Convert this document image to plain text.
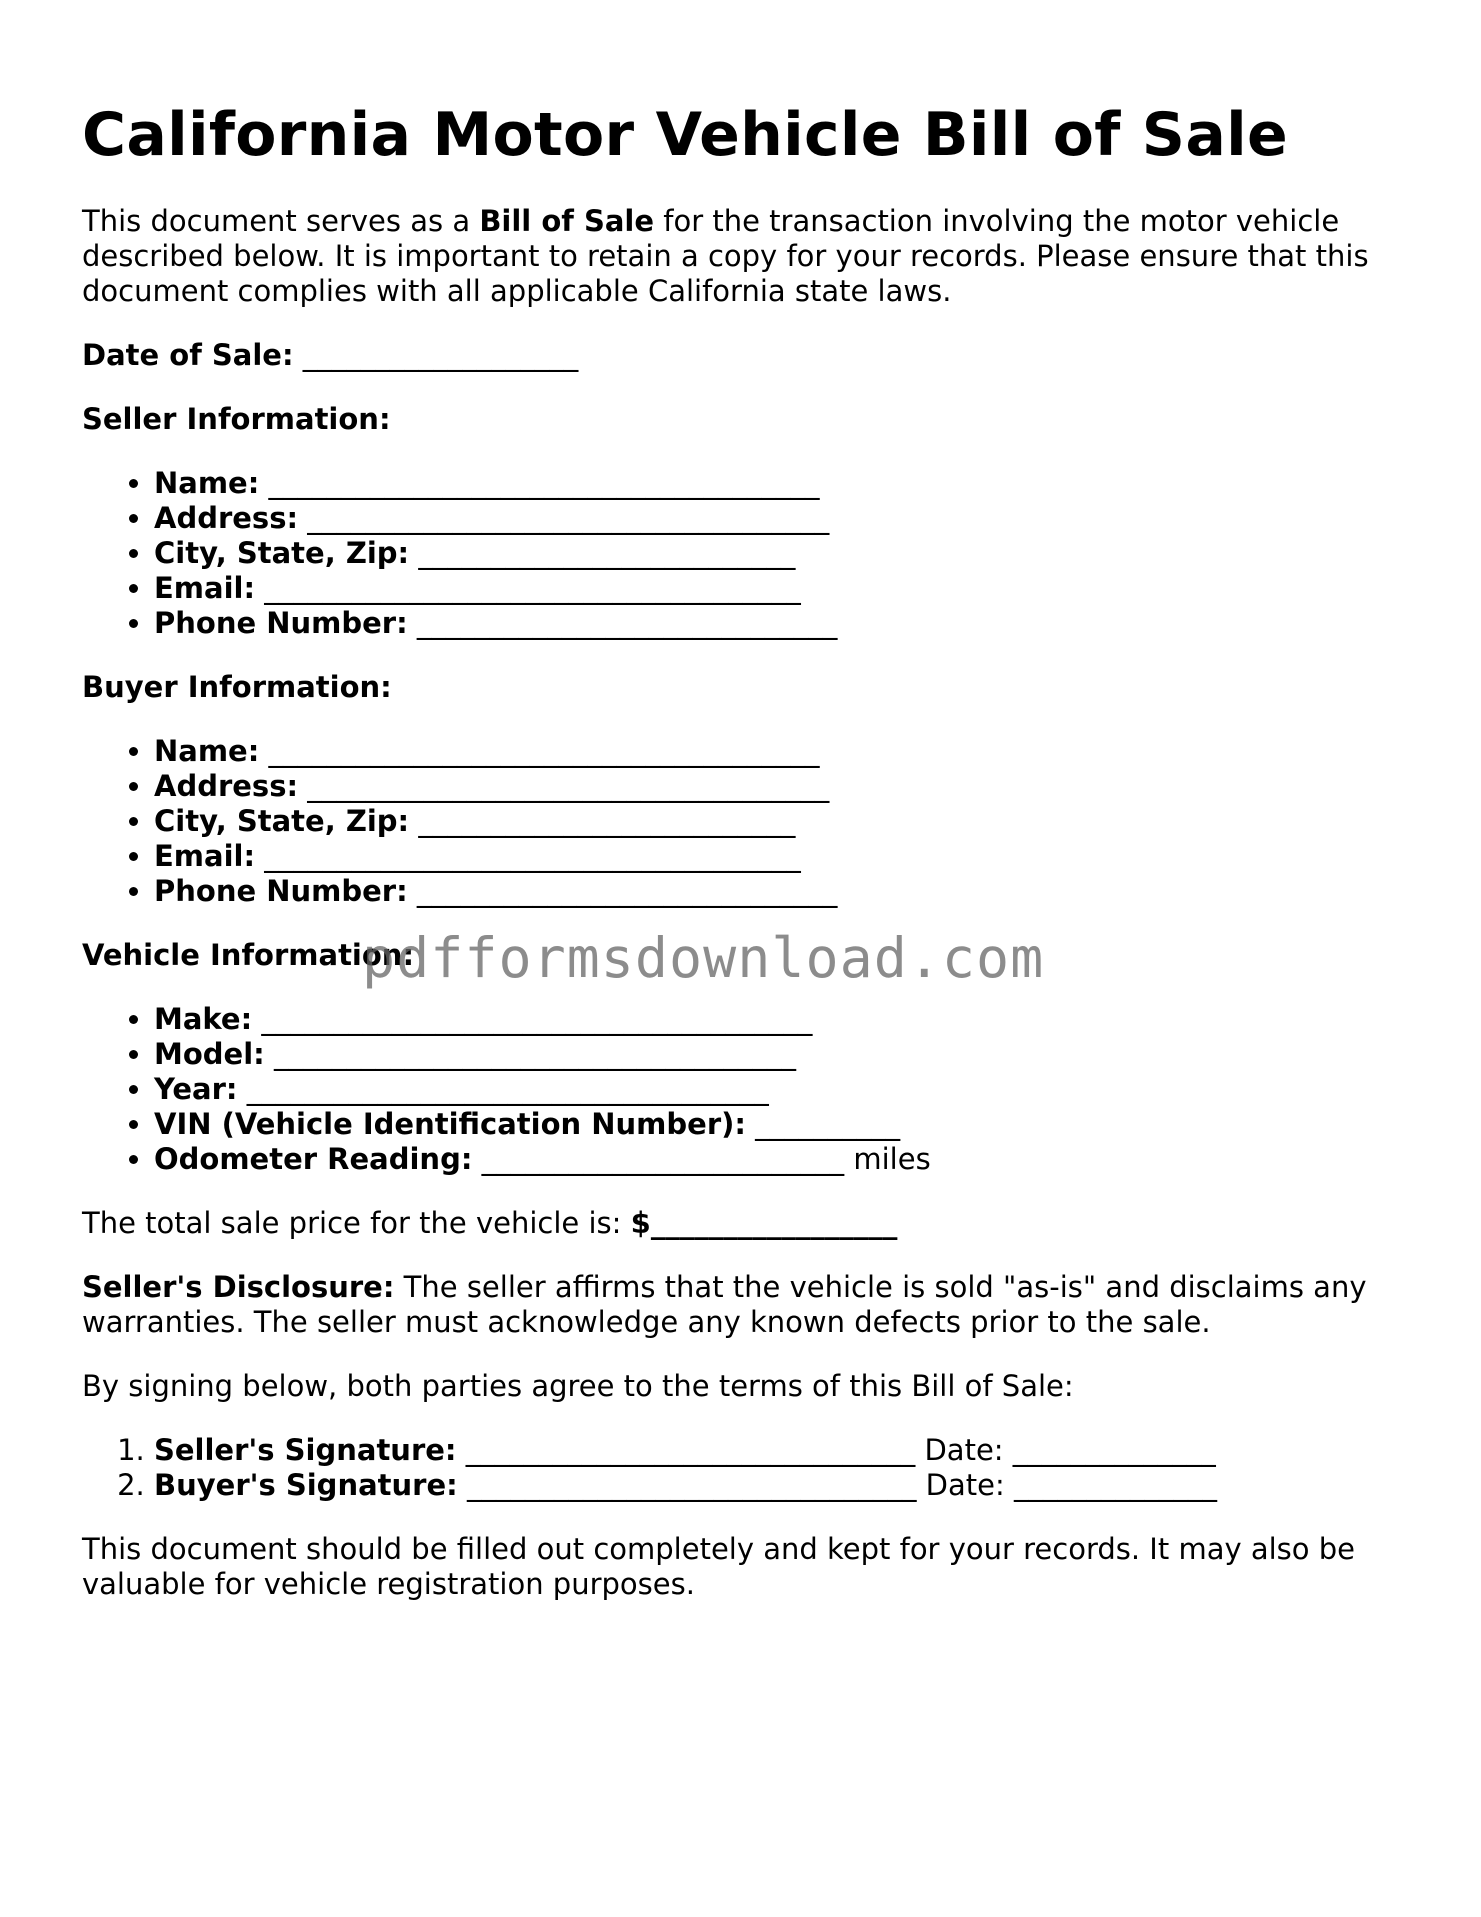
California Motor Vehicle Bill of Sale

This document serves as a Bill of Sale for the transaction involving the motor vehicle described below. It is important to retain a copy for your records. Please ensure that this document complies with all applicable California state laws.

Date of Sale: ___________________

Seller Information:
• Name: ______________________________________
• Address: ____________________________________
• City, State, Zip: __________________________
• Email: _____________________________________
• Phone Number: _____________________________
Buyer Information:
• Name: ______________________________________
• Address: ____________________________________
• City, State, Zip: __________________________
• Email: _____________________________________
• Phone Number: _____________________________
Vehicle Information:
• Make: ______________________________________
• Model: ____________________________________
• Year: ____________________________________
• VIN (Vehicle Identification Number): __________
• Odometer Reading: _________________________ miles

The total sale price for the vehicle is: $_________________

Seller's Disclosure: The seller affirms that the vehicle is sold "as-is" and disclaims any warranties. The seller must acknowledge any known defects prior to the sale.

By signing below, both parties agree to the terms of this Bill of Sale:

1. Seller's Signature: _______________________________ Date: ______________
2. Buyer's Signature: _______________________________ Date: ______________

This document should be filled out completely and kept for your records. It may also be valuable for vehicle registration purposes.

pdfformsdownload.com
